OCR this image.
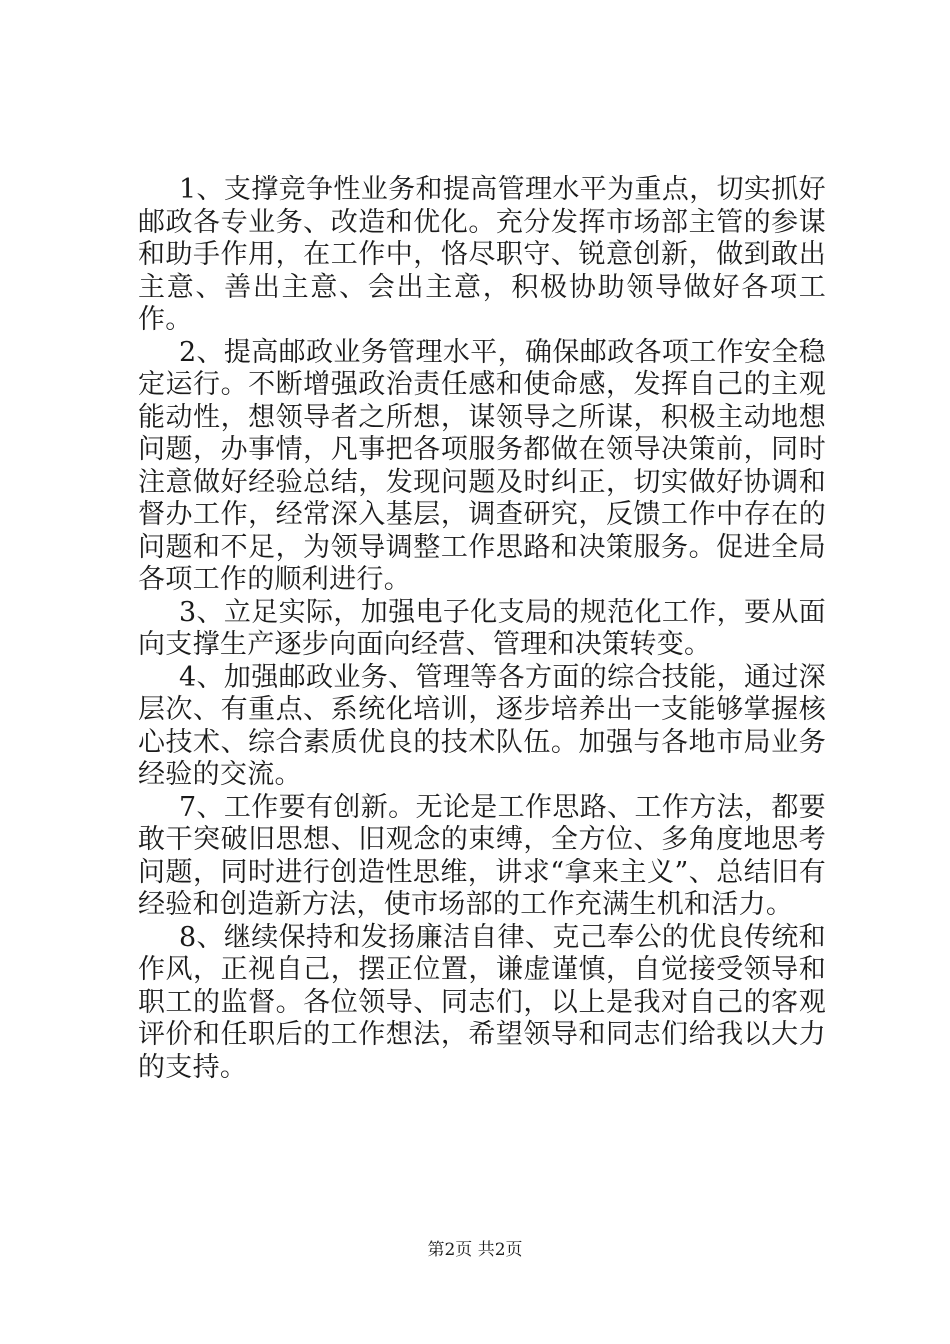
1、支撑竞争性业务和提高管理水平为重点，切实抓好邮政各专业务、改造和优化。充分发挥市场部主管的参谋和助手作用，在工作中，恪尽职守、锐意创新，做到敢出主意、善出主意、会出主意，积极协助领导做好各项工作。

2、提高邮政业务管理水平，确保邮政各项工作安全稳定运行。不断增强政治责任感和使命感，发挥自己的主观能动性，想领导者之所想，谋领导之所谋，积极主动地想问题，办事情，凡事把各项服务都做在领导决策前，同时注意做好经验总结，发现问题及时纠正，切实做好协调和督办工作，经常深入基层，调查研究，反馈工作中存在的问题和不足，为领导调整工作思路和决策服务。促进全局各项工作的顺利进行。

3、立足实际，加强电子化支局的规范化工作，要从面向支撑生产逐步向面向经营、管理和决策转变。

4、加强邮政业务、管理等各方面的综合技能，通过深层次、有重点、系统化培训，逐步培养出一支能够掌握核心技术、综合素质优良的技术队伍。加强与各地市局业务经验的交流。

7、工作要有创新。无论是工作思路、工作方法，都要敢干突破旧思想、旧观念的束缚，全方位、多角度地思考问题，同时进行创造性思维，讲求“拿来主义”、总结旧有经验和创造新方法，使市场部的工作充满生机和活力。

8、继续保持和发扬廉洁自律、克己奉公的优良传统和作风，正视自己，摆正位置，谦虚谨慎，自觉接受领导和职工的监督。各位领导、同志们，以上是我对自己的客观评价和任职后的工作想法，希望领导和同志们给我以大力的支持。

第2页 共2页
